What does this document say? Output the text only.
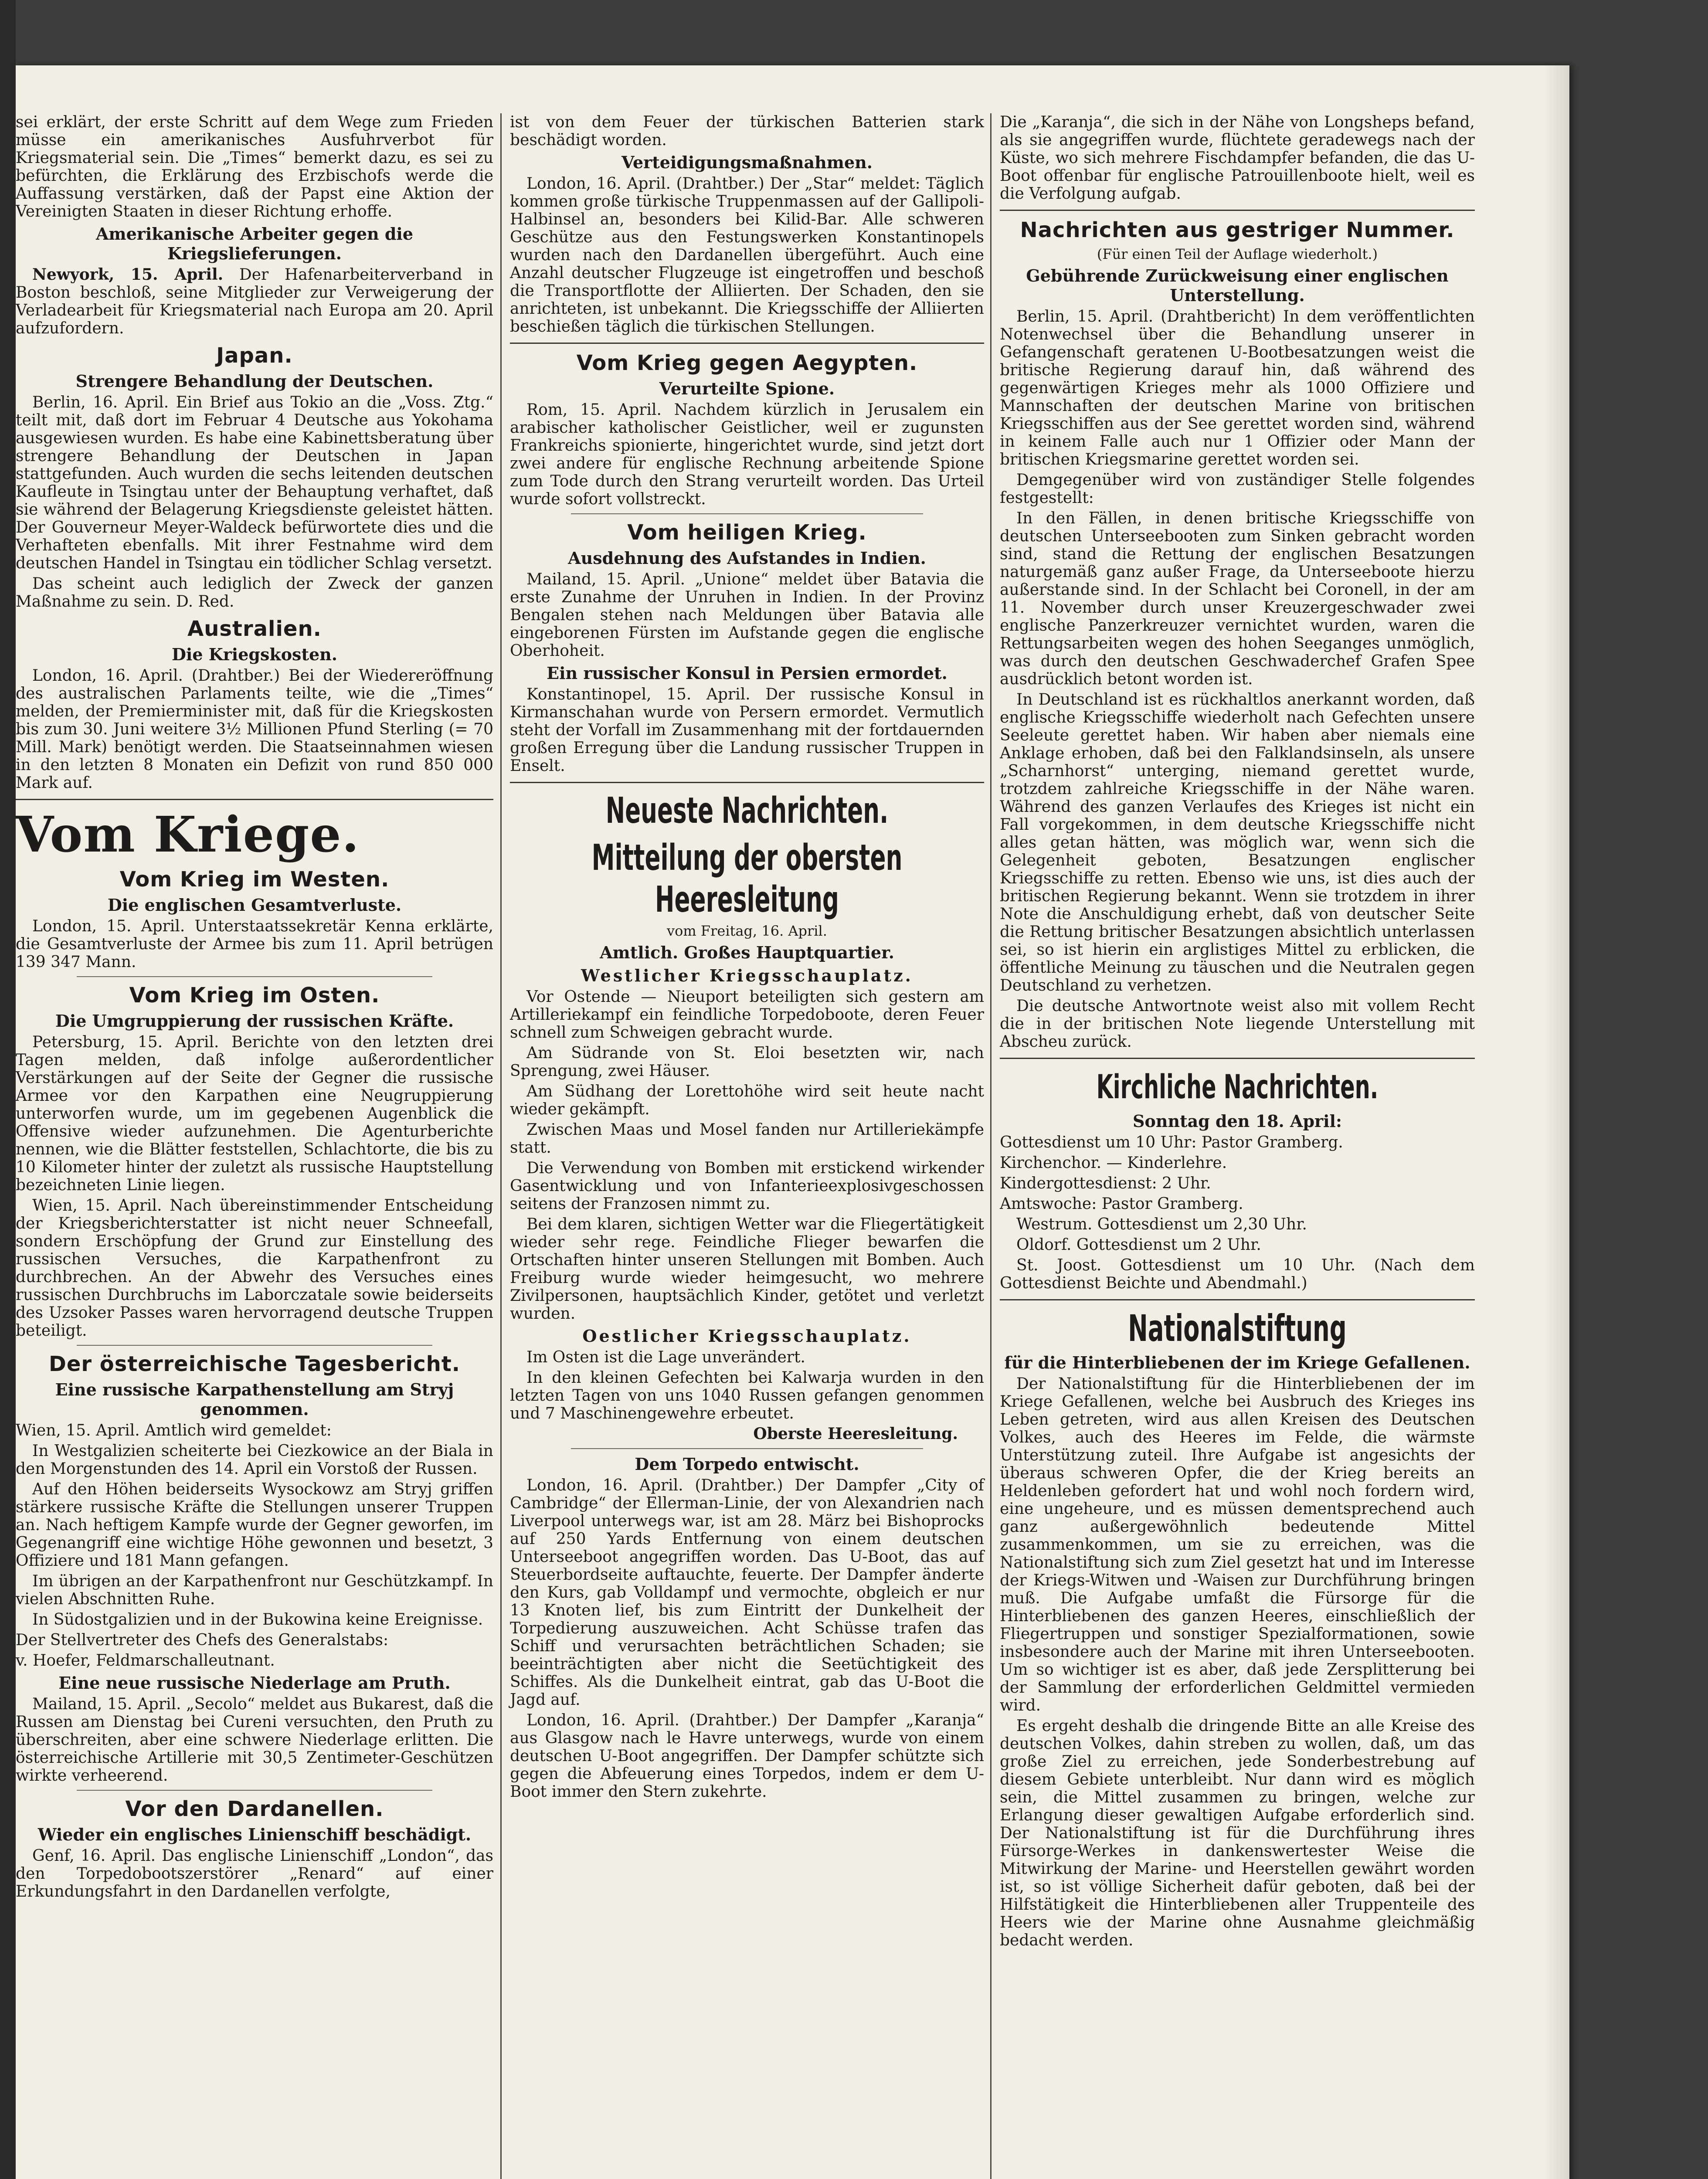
sei erklärt, der erste Schritt auf dem Wege zum Frieden müsse ein amerikanisches Ausfuhrverbot für Kriegsmaterial sein. Die „Times“ bemerkt dazu, es sei zu befürchten, die Erklärung des Erzbischofs werde die Auffassung verstärken, daß der Papst eine Aktion der Vereinigten Staaten in dieser Richtung erhoffe.

Amerikanische Arbeiter gegen die Kriegslieferungen.

Newyork, 15. April. Der Hafenarbeiterverband in Boston beschloß, seine Mitglieder zur Verweigerung der Verladearbeit für Kriegsmaterial nach Europa am 20. April aufzufordern.

Japan.
Strengere Behandlung der Deutschen.

Berlin, 16. April. Ein Brief aus Tokio an die „Voss. Ztg.“ teilt mit, daß dort im Februar 4 Deutsche aus Yokohama ausgewiesen wurden. Es habe eine Kabinettsberatung über strengere Behandlung der Deutschen in Japan stattgefunden. Auch wurden die sechs leitenden deutschen Kaufleute in Tsingtau unter der Behauptung verhaftet, daß sie während der Belagerung Kriegsdienste geleistet hätten. Der Gouverneur Meyer-Waldeck befürwortete dies und die Verhafteten ebenfalls. Mit ihrer Festnahme wird dem deutschen Handel in Tsingtau ein tödlicher Schlag versetzt.

Das scheint auch lediglich der Zweck der ganzen Maßnahme zu sein. D. Red.

Australien.
Die Kriegskosten.

London, 16. April. (Drahtber.) Bei der Wiedereröffnung des australischen Parlaments teilte, wie die „Times“ melden, der Premierminister mit, daß für die Kriegskosten bis zum 30. Juni weitere 3½ Millionen Pfund Sterling (= 70 Mill. Mark) benötigt werden. Die Staatseinnahmen wiesen in den letzten 8 Monaten ein Defizit von rund 850 000 Mark auf.

Vom Kriege.
Vom Krieg im Westen.
Die englischen Gesamtverluste.

London, 15. April. Unterstaatssekretär Kenna erklärte, die Gesamtverluste der Armee bis zum 11. April betrügen 139 347 Mann.

Vom Krieg im Osten.
Die Umgruppierung der russischen Kräfte.

Petersburg, 15. April. Berichte von den letzten drei Tagen melden, daß infolge außerordentlicher Verstärkungen auf der Seite der Gegner die russische Armee vor den Karpathen eine Neugruppierung unterworfen wurde, um im gegebenen Augenblick die Offensive wieder aufzunehmen. Die Agenturberichte nennen, wie die Blätter feststellen, Schlachtorte, die bis zu 10 Kilometer hinter der zuletzt als russische Hauptstellung bezeichneten Linie liegen.

Wien, 15. April. Nach übereinstimmender Entscheidung der Kriegsberichterstatter ist nicht neuer Schneefall, sondern Erschöpfung der Grund zur Einstellung des russischen Versuches, die Karpathenfront zu durchbrechen. An der Abwehr des Versuches eines russischen Durchbruchs im Laborczatale sowie beiderseits des Uzsoker Passes waren hervorragend deutsche Truppen beteiligt.

Der österreichische Tagesbericht.
Eine russische Karpathenstellung am Stryj genommen.

Wien, 15. April. Amtlich wird gemeldet:

In Westgalizien scheiterte bei Ciezkowice an der Biala in den Morgenstunden des 14. April ein Vorstoß der Russen.

Auf den Höhen beiderseits Wysockowz am Stryj griffen stärkere russische Kräfte die Stellungen unserer Truppen an. Nach heftigem Kampfe wurde der Gegner geworfen, im Gegenangriff eine wichtige Höhe gewonnen und besetzt, 3 Offiziere und 181 Mann gefangen.

Im übrigen an der Karpathenfront nur Geschützkampf. In vielen Abschnitten Ruhe.

In Südostgalizien und in der Bukowina keine Ereignisse.

Der Stellvertreter des Chefs des Generalstabs:

v. Hoefer, Feldmarschalleutnant.

Eine neue russische Niederlage am Pruth.

Mailand, 15. April. „Secolo“ meldet aus Bukarest, daß die Russen am Dienstag bei Cureni versuchten, den Pruth zu überschreiten, aber eine schwere Niederlage erlitten. Die österreichische Artillerie mit 30,5 Zentimeter-Geschützen wirkte verheerend.

Vor den Dardanellen.
Wieder ein englisches Linienschiff beschädigt.

Genf, 16. April. Das englische Linienschiff „London“, das den Torpedobootszerstörer „Renard“ auf einer Erkundungsfahrt in den Dardanellen verfolgte,

ist von dem Feuer der türkischen Batterien stark beschädigt worden.

Verteidigungsmaßnahmen.

London, 16. April. (Drahtber.) Der „Star“ meldet: Täglich kommen große türkische Truppenmassen auf der Gallipoli-Halbinsel an, besonders bei Kilid-Bar. Alle schweren Geschütze aus den Festungswerken Konstantinopels wurden nach den Dardanellen übergeführt. Auch eine Anzahl deutscher Flugzeuge ist eingetroffen und beschoß die Transportflotte der Alliierten. Der Schaden, den sie anrichteten, ist unbekannt. Die Kriegsschiffe der Alliierten beschießen täglich die türkischen Stellungen.

Vom Krieg gegen Aegypten.
Verurteilte Spione.

Rom, 15. April. Nachdem kürzlich in Jerusalem ein arabischer katholischer Geistlicher, weil er zugunsten Frankreichs spionierte, hingerichtet wurde, sind jetzt dort zwei andere für englische Rechnung arbeitende Spione zum Tode durch den Strang verurteilt worden. Das Urteil wurde sofort vollstreckt.

Vom heiligen Krieg.
Ausdehnung des Aufstandes in Indien.

Mailand, 15. April. „Unione“ meldet über Batavia die erste Zunahme der Unruhen in Indien. In der Provinz Bengalen stehen nach Meldungen über Batavia alle eingeborenen Fürsten im Aufstande gegen die englische Oberhoheit.

Ein russischer Konsul in Persien ermordet.

Konstantinopel, 15. April. Der russische Konsul in Kirmanschahan wurde von Persern ermordet. Vermutlich steht der Vorfall im Zusammenhang mit der fortdauernden großen Erregung über die Landung russischer Truppen in Enselt.

Neueste Nachrichten.
Mitteilung der obersten Heeresleitung
vom Freitag, 16. April.
Amtlich. Großes Hauptquartier.
Westlicher Kriegsschauplatz.

Vor Ostende — Nieuport beteiligten sich gestern am Artilleriekampf ein feindliche Torpedoboote, deren Feuer schnell zum Schweigen gebracht wurde.

Am Südrande von St. Eloi besetzten wir, nach Sprengung, zwei Häuser.

Am Südhang der Lorettohöhe wird seit heute nacht wieder gekämpft.

Zwischen Maas und Mosel fanden nur Artilleriekämpfe statt.

Die Verwendung von Bomben mit erstickend wirkender Gasentwicklung und von Infanterieexplosivgeschossen seitens der Franzosen nimmt zu.

Bei dem klaren, sichtigen Wetter war die Fliegertätigkeit wieder sehr rege. Feindliche Flieger bewarfen die Ortschaften hinter unseren Stellungen mit Bomben. Auch Freiburg wurde wieder heimgesucht, wo mehrere Zivilpersonen, hauptsächlich Kinder, getötet und verletzt wurden.

Oestlicher Kriegsschauplatz.

Im Osten ist die Lage unverändert.

In den kleinen Gefechten bei Kalwarja wurden in den letzten Tagen von uns 1040 Russen gefangen genommen und 7 Maschinengewehre erbeutet.

Oberste Heeresleitung.

Dem Torpedo entwischt.

London, 16. April. (Drahtber.) Der Dampfer „City of Cambridge“ der Ellerman-Linie, der von Alexandrien nach Liverpool unterwegs war, ist am 28. März bei Bishoprocks auf 250 Yards Entfernung von einem deutschen Unterseeboot angegriffen worden. Das U-Boot, das auf Steuerbordseite auftauchte, feuerte. Der Dampfer änderte den Kurs, gab Volldampf und vermochte, obgleich er nur 13 Knoten lief, bis zum Eintritt der Dunkelheit der Torpedierung auszuweichen. Acht Schüsse trafen das Schiff und verursachten beträchtlichen Schaden; sie beeinträchtigten aber nicht die Seetüchtigkeit des Schiffes. Als die Dunkelheit eintrat, gab das U-Boot die Jagd auf.

London, 16. April. (Drahtber.) Der Dampfer „Karanja“ aus Glasgow nach le Havre unterwegs, wurde von einem deutschen U-Boot angegriffen. Der Dampfer schützte sich gegen die Abfeuerung eines Torpedos, indem er dem U-Boot immer den Stern zukehrte.

Die „Karanja“, die sich in der Nähe von Longsheps befand, als sie angegriffen wurde, flüchtete geradewegs nach der Küste, wo sich mehrere Fischdampfer befanden, die das U-Boot offenbar für englische Patrouillenboote hielt, weil es die Verfolgung aufgab.

Nachrichten aus gestriger Nummer.
(Für einen Teil der Auflage wiederholt.)
Gebührende Zurückweisung einer englischen Unterstellung.

Berlin, 15. April. (Drahtbericht) In dem veröffentlichten Notenwechsel über die Behandlung unserer in Gefangenschaft geratenen U-Bootbesatzungen weist die britische Regierung darauf hin, daß während des gegenwärtigen Krieges mehr als 1000 Offiziere und Mannschaften der deutschen Marine von britischen Kriegsschiffen aus der See gerettet worden sind, während in keinem Falle auch nur 1 Offizier oder Mann der britischen Kriegsmarine gerettet worden sei.

Demgegenüber wird von zuständiger Stelle folgendes festgestellt:

In den Fällen, in denen britische Kriegsschiffe von deutschen Unterseebooten zum Sinken gebracht worden sind, stand die Rettung der englischen Besatzungen naturgemäß ganz außer Frage, da Unterseeboote hierzu außerstande sind. In der Schlacht bei Coronell, in der am 11. November durch unser Kreuzergeschwader zwei englische Panzerkreuzer vernichtet wurden, waren die Rettungsarbeiten wegen des hohen Seeganges unmöglich, was durch den deutschen Geschwaderchef Grafen Spee ausdrücklich betont worden ist.

In Deutschland ist es rückhaltlos anerkannt worden, daß englische Kriegsschiffe wiederholt nach Gefechten unsere Seeleute gerettet haben. Wir haben aber niemals eine Anklage erhoben, daß bei den Falklandsinseln, als unsere „Scharnhorst“ unterging, niemand gerettet wurde, trotzdem zahlreiche Kriegsschiffe in der Nähe waren. Während des ganzen Verlaufes des Krieges ist nicht ein Fall vorgekommen, in dem deutsche Kriegsschiffe nicht alles getan hätten, was möglich war, wenn sich die Gelegenheit geboten, Besatzungen englischer Kriegsschiffe zu retten. Ebenso wie uns, ist dies auch der britischen Regierung bekannt. Wenn sie trotzdem in ihrer Note die Anschuldigung erhebt, daß von deutscher Seite die Rettung britischer Besatzungen absichtlich unterlassen sei, so ist hierin ein arglistiges Mittel zu erblicken, die öffentliche Meinung zu täuschen und die Neutralen gegen Deutschland zu verhetzen.

Die deutsche Antwortnote weist also mit vollem Recht die in der britischen Note liegende Unterstellung mit Abscheu zurück.

Kirchliche Nachrichten.
Sonntag den 18. April:

Gottesdienst um 10 Uhr: Pastor Gramberg.

Kirchenchor. — Kinderlehre.

Kindergottesdienst: 2 Uhr.

Amtswoche: Pastor Gramberg.

Westrum. Gottesdienst um 2,30 Uhr.

Oldorf. Gottesdienst um 2 Uhr.

St. Joost. Gottesdienst um 10 Uhr. (Nach dem Gottesdienst Beichte und Abendmahl.)

Nationalstiftung
für die Hinterbliebenen der im Kriege Gefallenen.

Der Nationalstiftung für die Hinterbliebenen der im Kriege Gefallenen, welche bei Ausbruch des Krieges ins Leben getreten, wird aus allen Kreisen des Deutschen Volkes, auch des Heeres im Felde, die wärmste Unterstützung zuteil. Ihre Aufgabe ist angesichts der überaus schweren Opfer, die der Krieg bereits an Heldenleben gefordert hat und wohl noch fordern wird, eine ungeheure, und es müssen dementsprechend auch ganz außergewöhnlich bedeutende Mittel zusammenkommen, um sie zu erreichen, was die Nationalstiftung sich zum Ziel gesetzt hat und im Interesse der Kriegs-Witwen und -Waisen zur Durchführung bringen muß. Die Aufgabe umfaßt die Fürsorge für die Hinterbliebenen des ganzen Heeres, einschließlich der Fliegertruppen und sonstiger Spezialformationen, sowie insbesondere auch der Marine mit ihren Unterseebooten. Um so wichtiger ist es aber, daß jede Zersplitterung bei der Sammlung der erforderlichen Geldmittel vermieden wird.

Es ergeht deshalb die dringende Bitte an alle Kreise des deutschen Volkes, dahin streben zu wollen, daß, um das große Ziel zu erreichen, jede Sonderbestrebung auf diesem Gebiete unterbleibt. Nur dann wird es möglich sein, die Mittel zusammen zu bringen, welche zur Erlangung dieser gewaltigen Aufgabe erforderlich sind. Der Nationalstiftung ist für die Durchführung ihres Fürsorge-Werkes in dankenswertester Weise die Mitwirkung der Marine- und Heerstellen gewährt worden ist, so ist völlige Sicherheit dafür geboten, daß bei der Hilfstätigkeit die Hinterbliebenen aller Truppenteile des Heers wie der Marine ohne Ausnahme gleichmäßig bedacht werden.
